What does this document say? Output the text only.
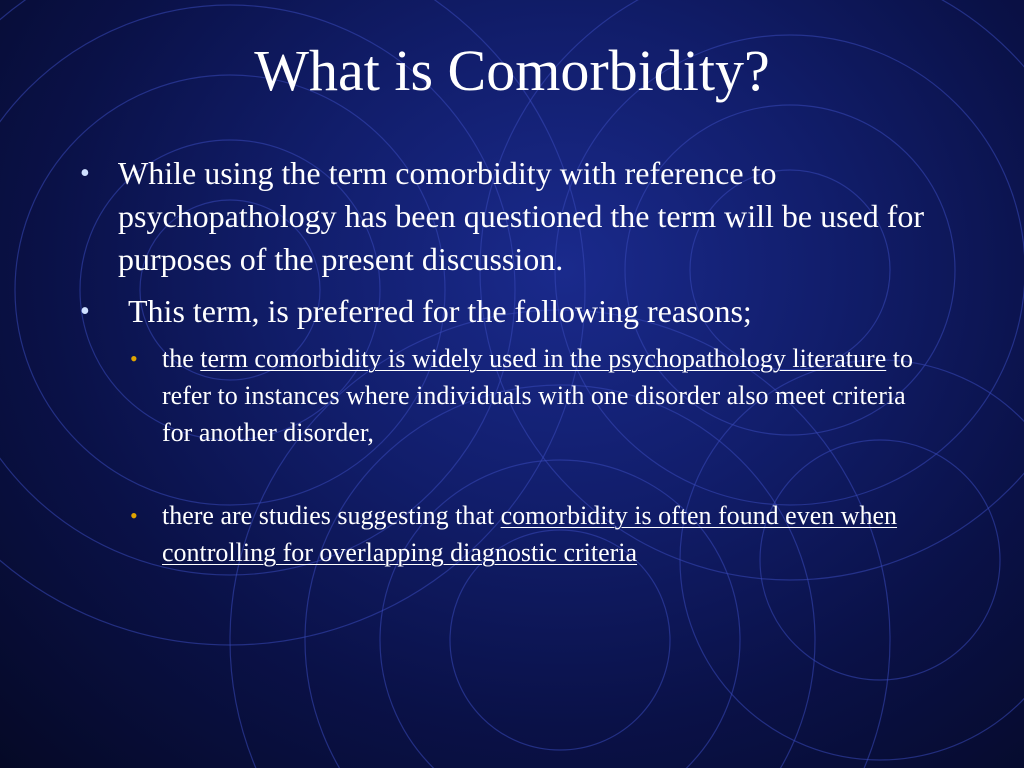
What is Comorbidity?
• While using the term comorbidity with reference to psychopathology has been questioned the term will be used for purposes of the present discussion.
• This term, is preferred for the following reasons;
• the term comorbidity is widely used in the psychopathology literature to refer to instances where individuals with one disorder also meet criteria for another disorder,
• there are studies suggesting that comorbidity is often found even when controlling for overlapping diagnostic criteria
